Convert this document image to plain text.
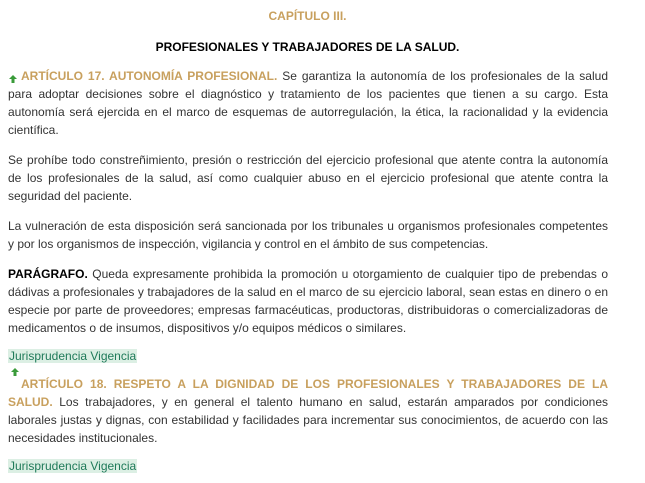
CAPÍTULO III.
PROFESIONALES Y TRABAJADORES DE LA SALUD.

ARTÍCULO 17. AUTONOMÍA PROFESIONAL. Se garantiza la autonomía de los profesionales de la salud para adoptar decisiones sobre el diagnóstico y tratamiento de los pacientes que tienen a su cargo. Esta autonomía será ejercida en el marco de esquemas de autorregulación, la ética, la racionalidad y la evidencia científica.

Se prohíbe todo constreñimiento, presión o restricción del ejercicio profesional que atente contra la autonomía de los profesionales de la salud, así como cualquier abuso en el ejercicio profesional que atente contra la seguridad del paciente.

La vulneración de esta disposición será sancionada por los tribunales u organismos profesionales competentes y por los organismos de inspección, vigilancia y control en el ámbito de sus competencias.

PARÁGRAFO. Queda expresamente prohibida la promoción u otorgamiento de cualquier tipo de prebendas o dádivas a profesionales y trabajadores de la salud en el marco de su ejercicio laboral, sean estas en dinero o en especie por parte de proveedores; empresas farmacéuticas, productoras, distribuidoras o comercializadoras de medicamentos o de insumos, dispositivos y/o equipos médicos o similares.

Jurisprudencia Vigencia

ARTÍCULO 18. RESPETO A LA DIGNIDAD DE LOS PROFESIONALES Y TRABAJADORES DE LA SALUD. Los trabajadores, y en general el talento humano en salud, estarán amparados por condiciones laborales justas y dignas, con estabilidad y facilidades para incrementar sus conocimientos, de acuerdo con las necesidades institucionales.

Jurisprudencia Vigencia
